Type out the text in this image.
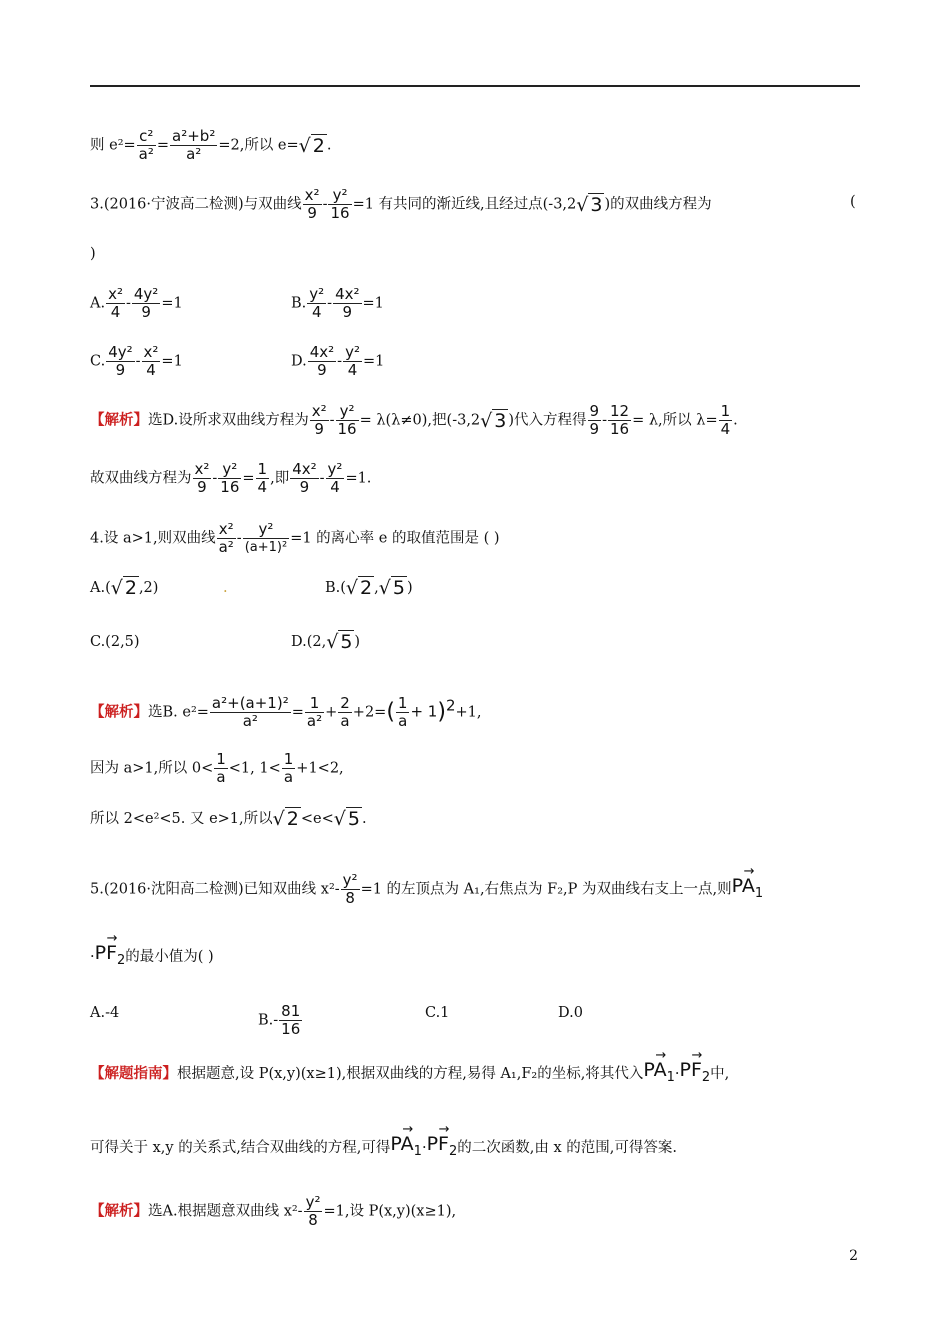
则 $e^2= \frac{\text{c²}}{\text{a²}} = \frac{\text{a²+b²}}{\text{a²}} =2$,所以 e=√ 2 .
3.(2016·宁波高二检测)与双曲线 $\frac{\text{x²}}{9} - \frac{\text{y²}}{16} =1$ 有共同的渐近线,且经过点(-3,2√ 3 )的双曲线方程为	(
)
A. $\frac{\text{x²}}{4} - \frac{\text{4y²}}{9} =1$	B. $\frac{\text{y²}}{4} - \frac{\text{4x²}}{9} =1$
C. $\frac{\text{4y²}}{9} - \frac{\text{x²}}{4} =1$	D. $\frac{\text{4x²}}{9} - \frac{\text{y²}}{4} =1$
【解析】选D.设所求双曲线方程为 $\frac{\text{x²}}{9} - \frac{\text{y²}}{16} = \lambda(\lambda\ne 0)$,把(-3,2√ 3 )代入方程得 $\frac{9}{9} - \frac{12}{16} = \lambda$,所以 $\lambda= \frac{1}{4}$ .
故双曲线方程为 $\frac{\text{x²}}{9} - \frac{\text{y²}}{16} = \frac{1}{4}$ ,即 $\frac{\text{4x²}}{9} - \frac{\text{y²}}{4} =1$.
4.设 a>1,则双曲线 $\frac{\text{x²}}{\text{a²}} - \frac{\text{y²}}{\text{(a+1)²}} =1$ 的离心率 e 的取值范围是 ( )
A.(√ 2 ,2)	.	B.(√ 2 ,√ 5 )
C.(2,5)	D.(2,√ 5 )
【解析】选B. $e^2= \frac{\text{a²+(a+1)²}}{\text{a²}} = \frac{1}{\text{a²}} + \frac{2}{a} +2=( \frac{1}{a} + 1)^2+1$,
因为 a>1,所以 $0< \frac{1}{a} <1$, $1< \frac{1}{a} +1<2$,
所以 2<e²<5. 又 e>1,所以√ 2 <e<√ 5 .
5.(2016·沈阳高二检测)已知双曲线 $x^2- \frac{\text{y²}}{8} =1$ 的左顶点为 A₁,右焦点为 F₂,P 为双曲线右支上一点,则
→
$PA_1$
·
→
$PF_2$的最小值为( )
A.-4	$B.- \frac{81}{16}$	C.1	D.0
【解题指南】根据题意,设 P(x,y)(x≥1),根据双曲线的方程,易得 A₁,F₂的坐标,将其代入
→
$PA_1\cdot$
→
$PF_2$中,
可得关于 x,y 的关系式,结合双曲线的方程,可得
→
$PA_1\cdot$
→
$PF_2$的二次函数,由 x 的范围,可得答案.
【解析】选A.根据题意双曲线 $x^2- \frac{\text{y²}}{8} =1$,设 P(x,y)(x≥1),
2
